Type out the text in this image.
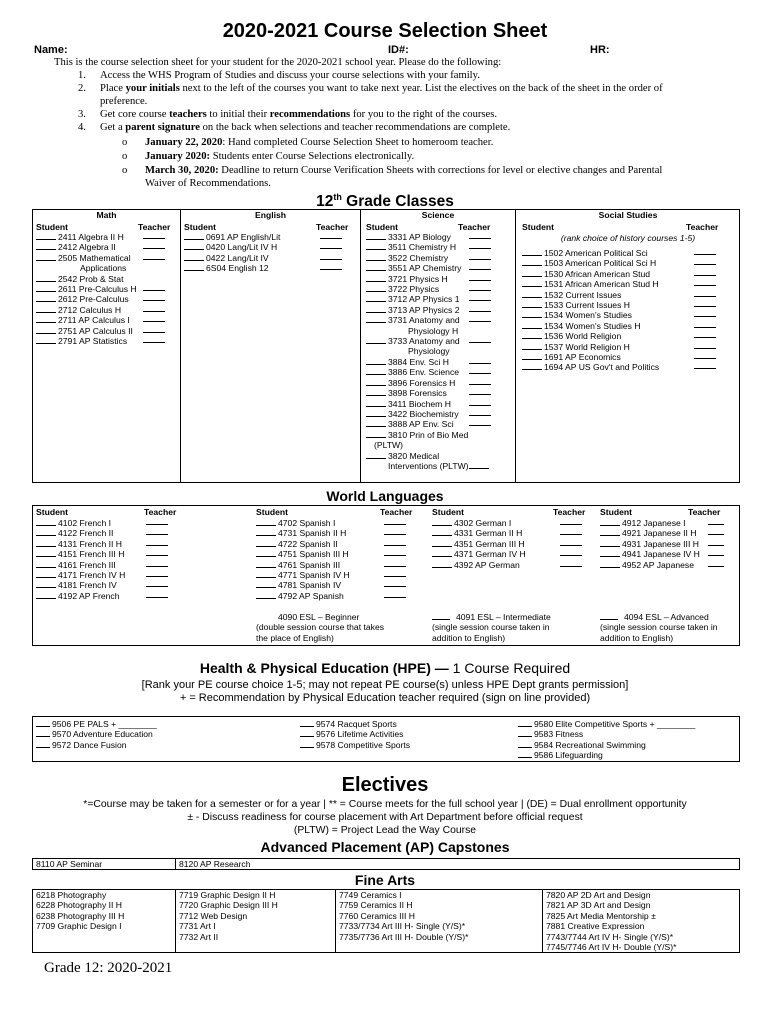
2020-2021 Course Selection Sheet
Name:	ID#:	HR:
This is the course selection sheet for your student for the 2020-2021 school year. Please do the following:
1.	Access the WHS Program of Studies and discuss your course selections with your family.
2. Place your initials next to the left of the courses you want to take next year. List the electives on the back of the sheet in the order of
preference.
3. Get core course teachers to initial their recommendations for you to the right of the courses.
4. Get a parent signature on the back when selections and teacher recommendations are complete.
o January 22, 2020: Hand completed Course Selection Sheet to homeroom teacher.
o January 2020: Students enter Course Selections electronically.
o March 30, 2020: Deadline to return Course Verification Sheets with corrections for level or elective changes and Parental
Waiver of Recommendations.
12th Grade Classes
Math
Student	Teacher
2411 Algebra II H
2412 Algebra II
2505 Mathematical
Applications
2542 Prob & Stat
2611 Pre-Calculus H
2612 Pre-Calculus
2712 Calculus H
2711 AP Calculus I
2751 AP Calculus II
2791 AP Statistics
English
Student	Teacher
0691 AP English/Lit
0420 Lang/Lit IV H
0422 Lang/Lit IV
6S04 English 12
Science
Student	Teacher
3331 AP Biology
3511 Chemistry H
3522 Chemistry
3551 AP Chemistry
3721 Physics H
3722 Physics
3712 AP Physics 1
3713 AP Physics 2
3731 Anatomy and
Physiology H
3733 Anatomy and
Physiology
3884 Env. Sci H
3886 Env. Science
3896 Forensics H
3898 Forensics
3411 Biochem H
3422 Biochemistry
3888 AP Env. Sci
3810 Prin of Bio Med
(PLTW)
3820 Medical
Interventions (PLTW)
Social Studies
Student	Teacher
(rank choice of history courses 1-5)
1502 American Political Sci
1503 American Political Sci H
1530 African American Stud
1531 African American Stud H
1532 Current Issues
1533 Current Issues H
1534 Women's Studies
1534 Women's Studies H
1536 World Religion
1537 World Religion H
1691 AP Economics
1694 AP US Gov't and Politics
World Languages
Student	Teacher
4102 French I
4122 French II
4131 French II H
4151 French III H
4161 French III
4171 French IV H
4181 French IV
4192 AP French
Student	Teacher
4702 Spanish I
4731 Spanish II H
4722 Spanish II
4751 Spanish III H
4761 Spanish III
4771 Spanish IV H
4781 Spanish IV
4792 AP Spanish
Student	Teacher
4302 German I
4331 German II H
4351 German III H
4371 German IV H
4392 AP German
Student	Teacher
4912 Japanese I
4921 Japanese II H
4931 Japanese III H
4941 Japanese IV H
4952 AP Japanese
4090 ESL – Beginner
(double session course that takes
the place of English)
4091 ESL – Intermediate
(single session course taken in
addition to English)
4094 ESL – Advanced
(single session course taken in
addition to English)
Health & Physical Education (HPE) — 1 Course Required
[Rank your PE course choice 1-5; may not repeat PE course(s) unless HPE Dept grants permission]
+ = Recommendation by Physical Education teacher required (sign on line provided)
9506 PE PALS + ________
9570 Adventure Education
9572 Dance Fusion
9574 Racquet Sports
9576 Lifetime Activities
9578 Competitive Sports
9580 Elite Competitive Sports + ________
9583 Fitness
9584 Recreational Swimming
9586 Lifeguarding
Electives
*=Course may be taken for a semester or for a year | ** = Course meets for the full school year | (DE) = Dual enrollment opportunity
± - Discuss readiness for course placement with Art Department before official request
(PLTW) = Project Lead the Way Course
Advanced Placement (AP) Capstones
8110 AP Seminar	8120 AP Research
Fine Arts
6218 Photography
6228 Photography II H
6238 Photography III H
7709 Graphic Design I
7719 Graphic Design II H
7720 Graphic Design III H
7712 Web Design
7731 Art I
7732 Art II
7749 Ceramics I
7759 Ceramics II H
7760 Ceramics III H
7733/7734 Art III H- Single (Y/S)*
7735/7736 Art III H- Double (Y/S)*
7820 AP 2D Art and Design
7821 AP 3D Art and Design
7825 Art Media Mentorship ±
7881 Creative Expression
7743/7744 Art IV H- Single (Y/S)*
7745/7746 Art IV H- Double (Y/S)*
Grade 12: 2020-2021
